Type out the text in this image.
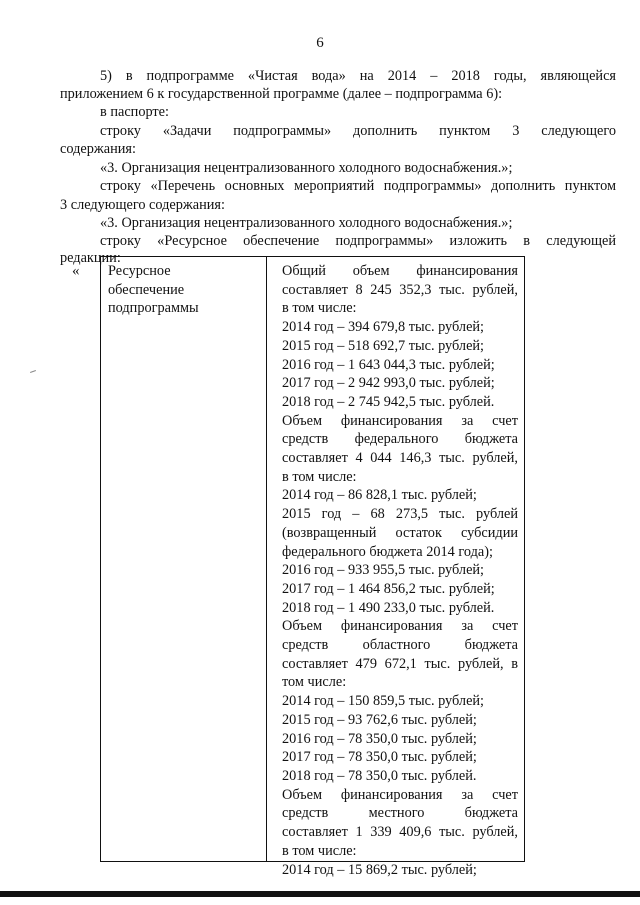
6

5) в подпрограмме «Чистая вода» на 2014 – 2018 годы, являющейся

приложением 6 к государственной программе (далее – подпрограмма 6):

в паспорте:

строку «Задачи подпрограммы» дополнить пунктом 3 следующего

содержания:

«3. Организация нецентрализованного холодного водоснабжения.»;

строку «Перечень основных мероприятий подпрограммы» дополнить пунктом

3 следующего содержания:

«3. Организация нецентрализованного холодного водоснабжения.»;

строку «Ресурсное обеспечение подпрограммы» изложить в следующей

редакции:

« Ресурсное
обеспечение
подпрограммы
Общий объем финансирования
составляет 8 245 352,3 тыс. рублей,
в том числе:
2014 год – 394 679,8 тыс. рублей;
2015 год – 518 692,7 тыс. рублей;
2016 год – 1 643 044,3 тыс. рублей;
2017 год – 2 942 993,0 тыс. рублей;
2018 год – 2 745 942,5 тыс. рублей.
Объем финансирования за счет
средств федерального бюджета
составляет 4 044 146,3 тыс. рублей,
в том числе:
2014 год – 86 828,1 тыс. рублей;
2015 год – 68 273,5 тыс. рублей
(возвращенный остаток субсидии
федерального бюджета 2014 года);
2016 год – 933 955,5 тыс. рублей;
2017 год – 1 464 856,2 тыс. рублей;
2018 год – 1 490 233,0 тыс. рублей.
Объем финансирования за счет
средств областного бюджета
составляет 479 672,1 тыс. рублей, в
том числе:
2014 год – 150 859,5 тыс. рублей;
2015 год – 93 762,6 тыс. рублей;
2016 год – 78 350,0 тыс. рублей;
2017 год – 78 350,0 тыс. рублей;
2018 год – 78 350,0 тыс. рублей.
Объем финансирования за счет
средств местного бюджета
составляет 1 339 409,6 тыс. рублей,
в том числе:
2014 год – 15 869,2 тыс. рублей;
